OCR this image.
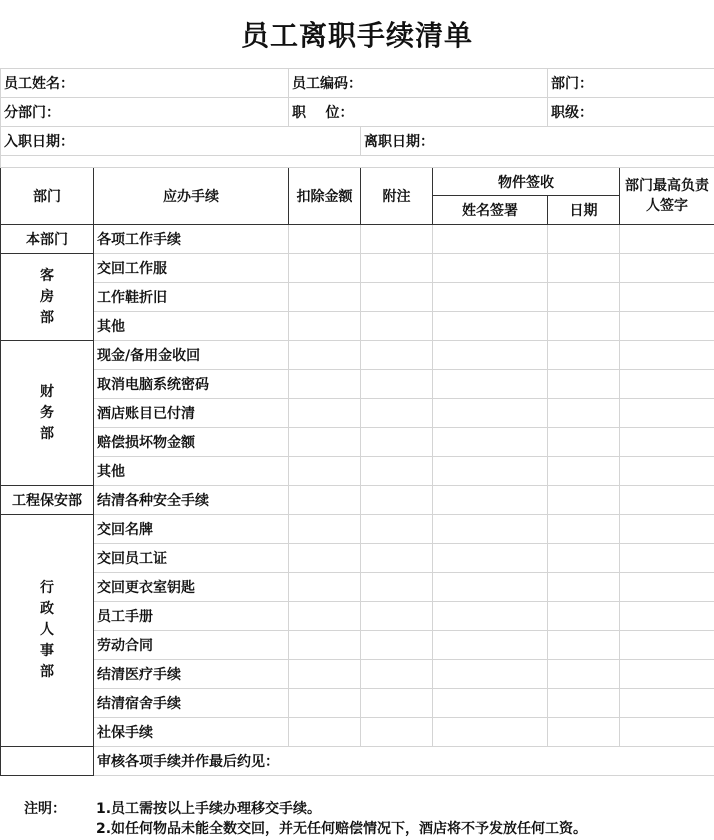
员工离职手续清单
员工姓名：		员工编码：			部门：	
分部门：		职    位：			职级：	
入职日期：			离职日期：			

部门	应办手续	扣除金额	附注	物件签收		部门最高负责人签字
				姓名签署	日期	
本部门	各项工作手续					
客房部	交回工作服					
	工作鞋折旧					
	其他					
财务部	现金/备用金收回					
	取消电脑系统密码					
	酒店账目已付清					
	赔偿损坏物金额					
	其他					
工程保安部	结清各种安全手续					
行政人事部	交回名牌					
	交回员工证					
	交回更衣室钥匙					
	员工手册					
	劳动合同					
	结清医疗手续					
	结清宿舍手续					
	社保手续					
	审核各项手续并作最后约见：					
注明： 1.员工需按以上手续办理移交手续。
2.如任何物品未能全数交回，并无任何赔偿情况下，酒店将不予发放任何工资。
